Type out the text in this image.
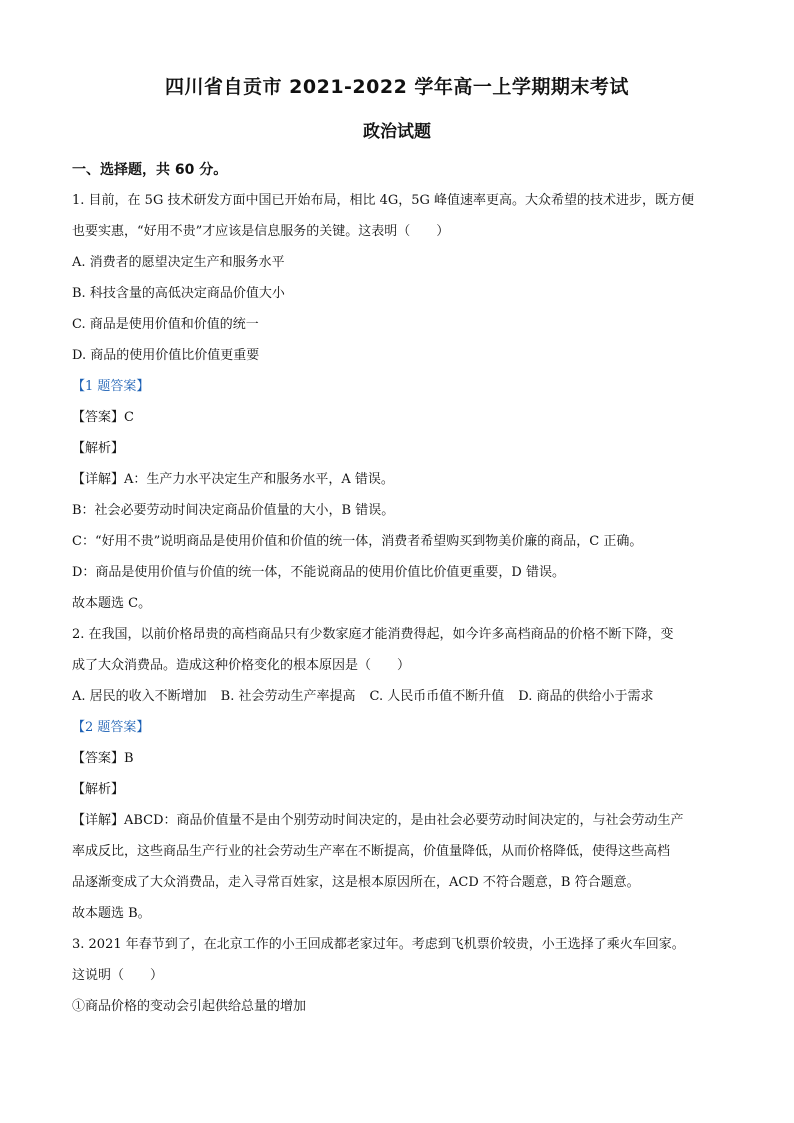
四川省自贡市 2021-2022 学年高一上学期期末考试
政治试题
一、选择题，共 60 分。
1. 目前，在 5G 技术研发方面中国已开始布局，相比 4G，5G 峰值速率更高。大众希望的技术进步，既方便
也要实惠，“好用不贵”才应该是信息服务的关键。这表明（　　）
A. 消费者的愿望决定生产和服务水平
B. 科技含量的高低决定商品价值大小
C. 商品是使用价值和价值的统一
D. 商品的使用价值比价值更重要
【1 题答案】
【答案】C
【解析】
【详解】A：生产力水平决定生产和服务水平，A 错误。
B：社会必要劳动时间决定商品价值量的大小，B 错误。
C：“好用不贵”说明商品是使用价值和价值的统一体，消费者希望购买到物美价廉的商品，C 正确。
D：商品是使用价值与价值的统一体，不能说商品的使用价值比价值更重要，D 错误。
故本题选 C。
2. 在我国，以前价格昂贵的高档商品只有少数家庭才能消费得起，如今许多高档商品的价格不断下降，变
成了大众消费品。造成这种价格变化的根本原因是（　　）
A. 居民的收入不断增加 B. 社会劳动生产率提高 C. 人民币币值不断升值 D. 商品的供给小于需求
【2 题答案】
【答案】B
【解析】
【详解】ABCD：商品价值量不是由个别劳动时间决定的，是由社会必要劳动时间决定的，与社会劳动生产
率成反比，这些商品生产行业的社会劳动生产率在不断提高，价值量降低，从而价格降低，使得这些高档
品逐渐变成了大众消费品，走入寻常百姓家，这是根本原因所在，ACD 不符合题意，B 符合题意。
故本题选 B。
3. 2021 年春节到了，在北京工作的小王回成都老家过年。考虑到飞机票价较贵，小王选择了乘火车回家。
这说明（　　）
①商品价格的变动会引起供给总量的增加
